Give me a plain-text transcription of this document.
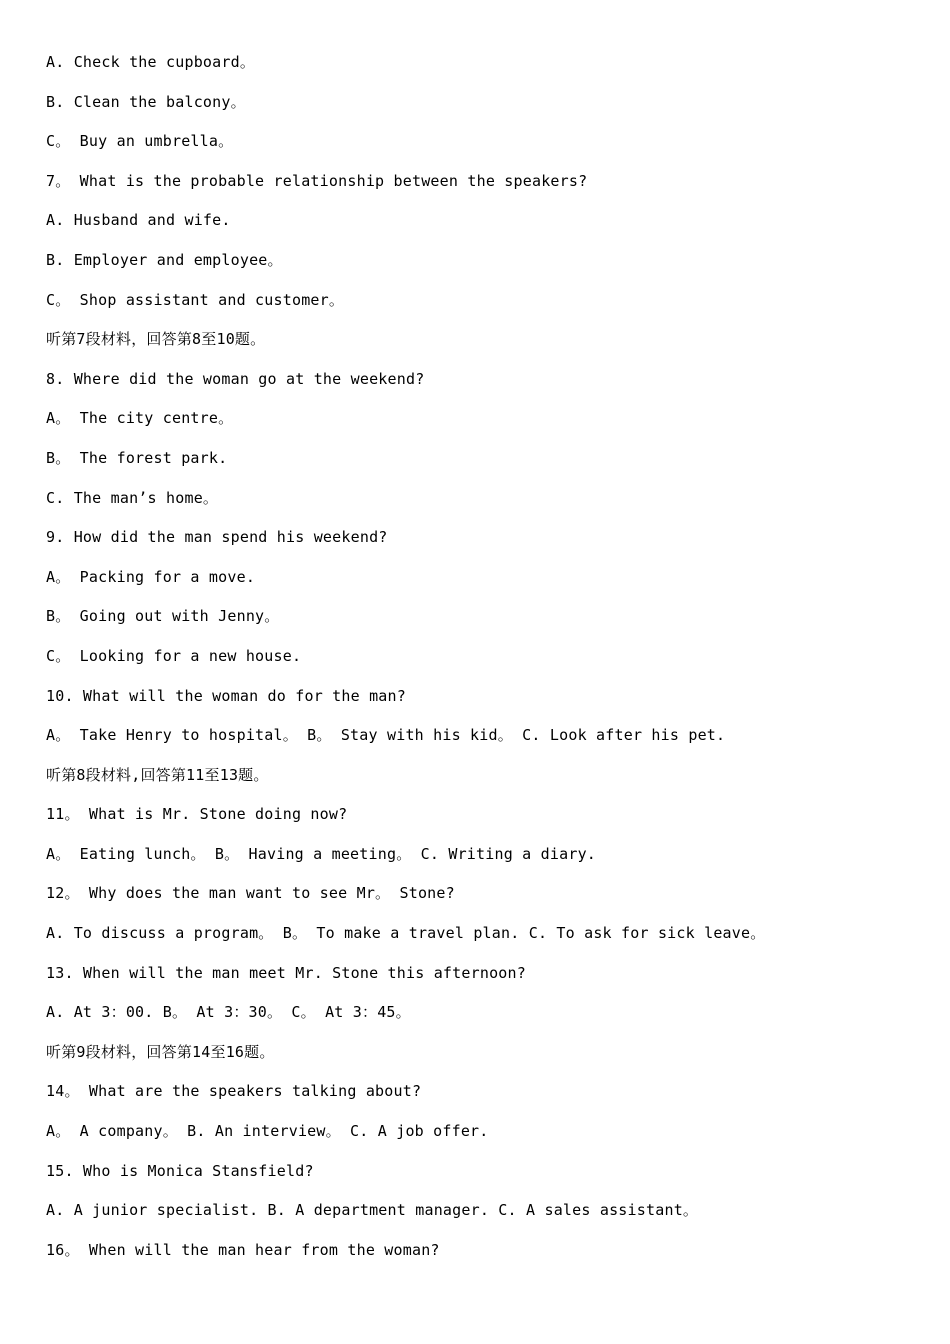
A. Check the cupboard。
B. Clean the balcony。
C。 Buy an umbrella。
7。 What is the probable relationship between the speakers?
A. Husband and wife.
B. Employer and employee。
C。 Shop assistant and customer。
听第7段材料，回答第8至10题。
8. Where did the woman go at the weekend?
A。 The city centre。
B。 The forest park.
C. The man’s home。
9. How did the man spend his weekend?
A。 Packing for a move.
B。 Going out with Jenny。
C。 Looking for a new house.
10. What will the woman do for the man?
A。 Take Henry to hospital。 B。 Stay with his kid。 C. Look after his pet.
听第8段材料,回答第11至13题。
11。 What is Mr. Stone doing now?
A。 Eating lunch。 B。 Having a meeting。 C. Writing a diary.
12。 Why does the man want to see Mr。 Stone?
A. To discuss a program。 B。 To make a travel plan. C. To ask for sick leave。
13. When will the man meet Mr. Stone this afternoon?
A. At 3：00. B。 At 3：30。 C。 At 3：45。
听第9段材料，回答第14至16题。
14。 What are the speakers talking about?
A。 A company。 B. An interview。 C. A job offer.
15. Who is Monica Stansfield?
A. A junior specialist. B. A department manager. C. A sales assistant。
16。 When will the man hear from the woman?
